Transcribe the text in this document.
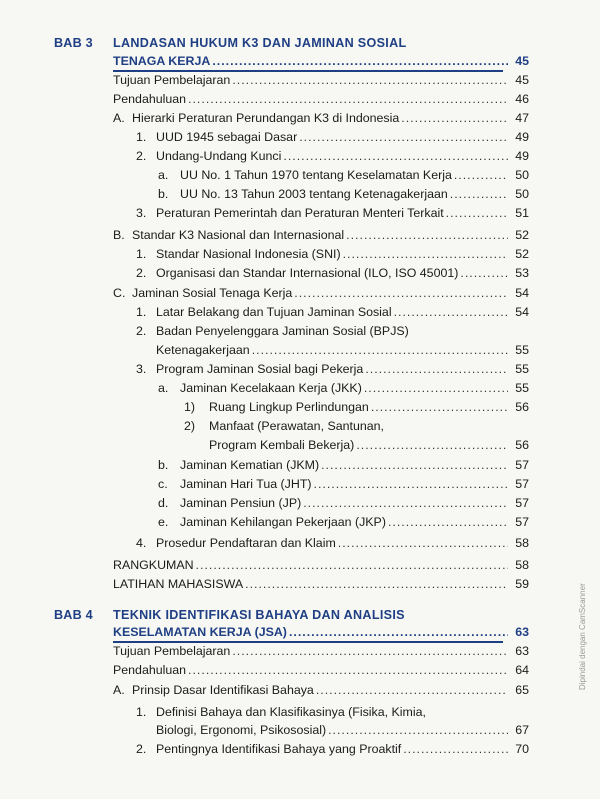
BAB 3 LANDASAN HUKUM K3 DAN JAMINAN SOSIAL
TENAGA KERJA .....	45
Tujuan Pembelajaran .....	45
Pendahuluan .....	46
A. Hierarki Peraturan Perundangan K3 di Indonesia .....	47
1. UUD 1945 sebagai Dasar .....	49
2. Undang-Undang Kunci .....	49
a. UU No. 1 Tahun 1970 tentang Keselamatan Kerja .....	50
b. UU No. 13 Tahun 2003 tentang Ketenagakerjaan .....	50
3. Peraturan Pemerintah dan Peraturan Menteri Terkait .....	51
B. Standar K3 Nasional dan Internasional .....	52
1. Standar Nasional Indonesia (SNI) .....	52
2. Organisasi dan Standar Internasional (ILO, ISO 45001) .....	53
C. Jaminan Sosial Tenaga Kerja .....	54
1. Latar Belakang dan Tujuan Jaminan Sosial .....	54
2. Badan Penyelenggara Jaminan Sosial (BPJS)
Ketenagakerjaan .....	55
3. Program Jaminan Sosial bagi Pekerja .....	55
a. Jaminan Kecelakaan Kerja (JKK) .....	55
1)	Ruang Lingkup Perlindungan .....	56
2)	Manfaat (Perawatan, Santunan,
Program Kembali Bekerja) .....	56
b. Jaminan Kematian (JKM) .....	57
c. Jaminan Hari Tua (JHT) .....	57
d. Jaminan Pensiun (JP) .....	57
e. Jaminan Kehilangan Pekerjaan (JKP) .....	57
4. Prosedur Pendaftaran dan Klaim .....	58
RANGKUMAN .....	58
LATIHAN MAHASISWA .....	59
BAB 4 TEKNIK IDENTIFIKASI BAHAYA DAN ANALISIS
KESELAMATAN KERJA (JSA) .....	63
Tujuan Pembelajaran .....	63
Pendahuluan .....	64
A. Prinsip Dasar Identifikasi Bahaya .....	65
1. Definisi Bahaya dan Klasifikasinya (Fisika, Kimia,
Biologi, Ergonomi, Psikososial) .....	67
2. Pentingnya Identifikasi Bahaya yang Proaktif .....	70
Dipindai dengan CamScanner
